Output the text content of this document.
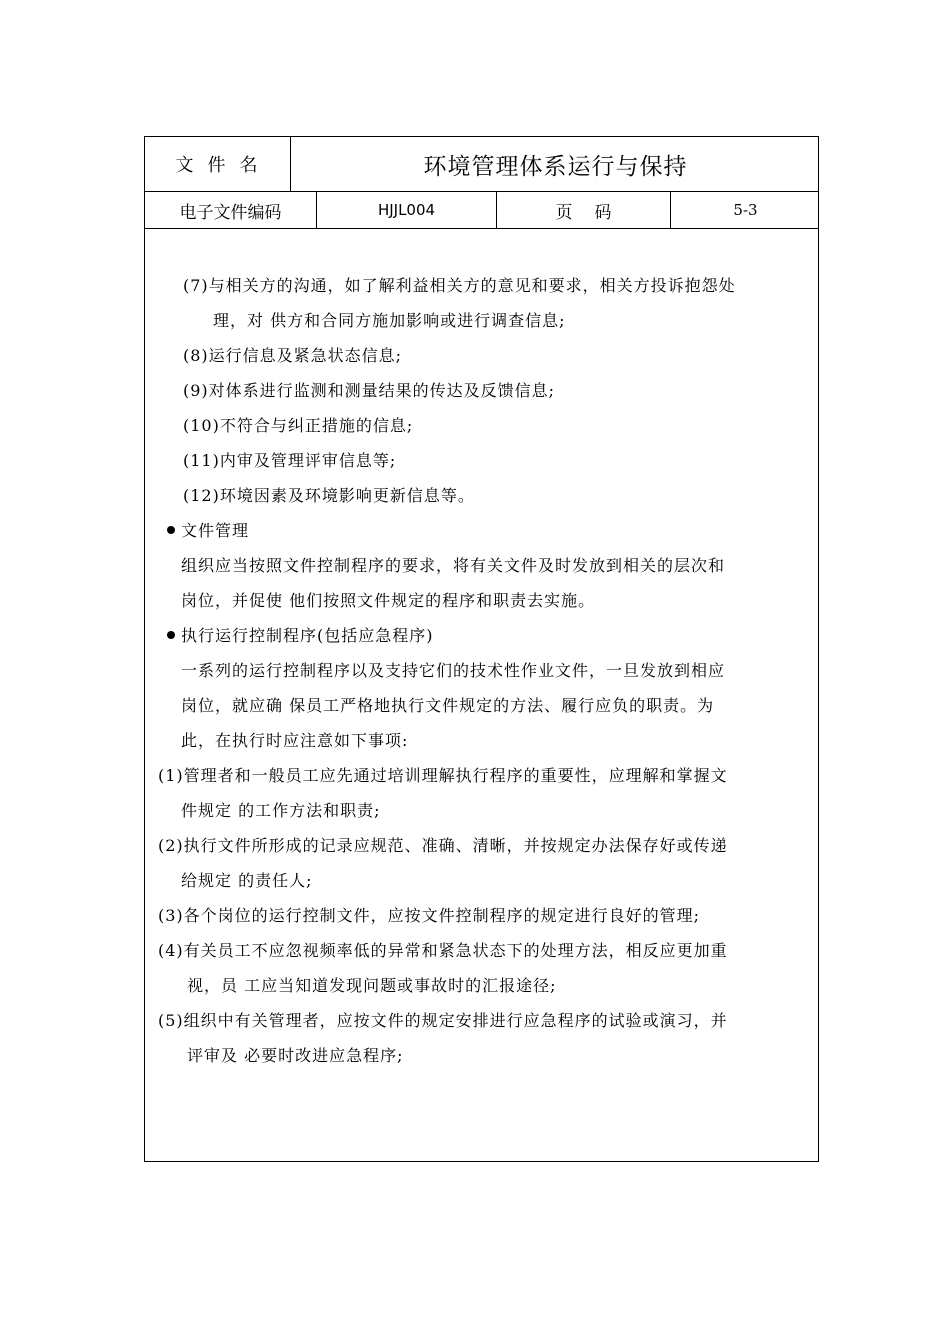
文件名	环境管理体系运行与保持
电子文件编码	HJJL004	页码	5-3
(7)与相关方的沟通，如了解利益相关方的意见和要求，相关方投诉抱怨处
理，对 供方和合同方施加影响或进行调查信息;
(8)运行信息及紧急状态信息;
(9)对体系进行监测和测量结果的传达及反馈信息;
(10)不符合与纠正措施的信息;
(11)内审及管理评审信息等;
(12)环境因素及环境影响更新信息等。
文件管理
组织应当按照文件控制程序的要求，将有关文件及时发放到相关的层次和
岗位，并促使 他们按照文件规定的程序和职责去实施。
执行运行控制程序(包括应急程序)
一系列的运行控制程序以及支持它们的技术性作业文件，一旦发放到相应
岗位，就应确 保员工严格地执行文件规定的方法、履行应负的职责。为
此，在执行时应注意如下事项:
(1)管理者和一般员工应先通过培训理解执行程序的重要性，应理解和掌握文
件规定 的工作方法和职责;
(2)执行文件所形成的记录应规范、准确、清晰，并按规定办法保存好或传递
给规定 的责任人;
(3)各个岗位的运行控制文件，应按文件控制程序的规定进行良好的管理;
(4)有关员工不应忽视频率低的异常和紧急状态下的处理方法，相反应更加重
视，员 工应当知道发现问题或事故时的汇报途径;
(5)组织中有关管理者，应按文件的规定安排进行应急程序的试验或演习，并
评审及 必要时改进应急程序;
